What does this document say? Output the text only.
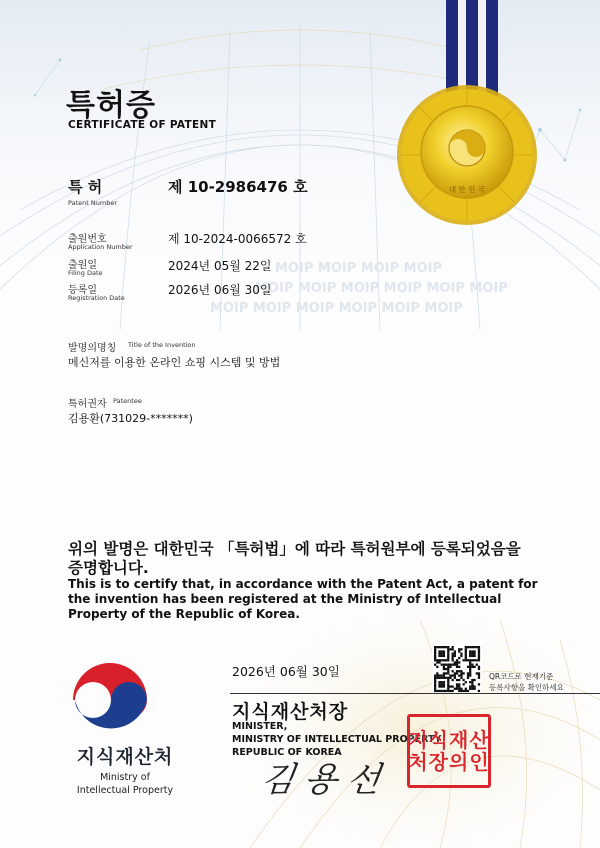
MOIP MOIP MOIP MOIP
MOIP MOIP MOIP MOIP MOIP MOIP
MOIP MOIP MOIP MOIP MOIP MOIP
대 한 민 국
특허증
CERTIFICATE OF PATENT
특 허
Patent Number
제 10-2986476 호
출원번호
Application Number
제 10-2024-0066572 호
출원일
Filing Date	2024년 05월 22일
등록일
Registration Date
2026년 06월 30일
발명의명칭 Title of the Invention
메신저를 이용한 온라인 쇼핑 시스템 및 방법
특허권자 Patentee
김용환(731029-*******)
위의 발명은 대한민국 「특허법」에 따라 특허원부에 등록되었음을 증명합니다.
This is to certify that, in accordance with the Patent Act, a patent for the invention has been registered at the Ministry of Intellectual Property of the Republic of Korea.
2026년 06월 30일	QR코드로 현재기준
등록사항을 확인하세요
지식재산처장
MINISTER,
MINISTRY OF INTELLECTUAL PROPERTY
REPUBLIC OF KOREA
김용선
지식재산
처장의인
지식재산처
Ministry of
Intellectual Property
